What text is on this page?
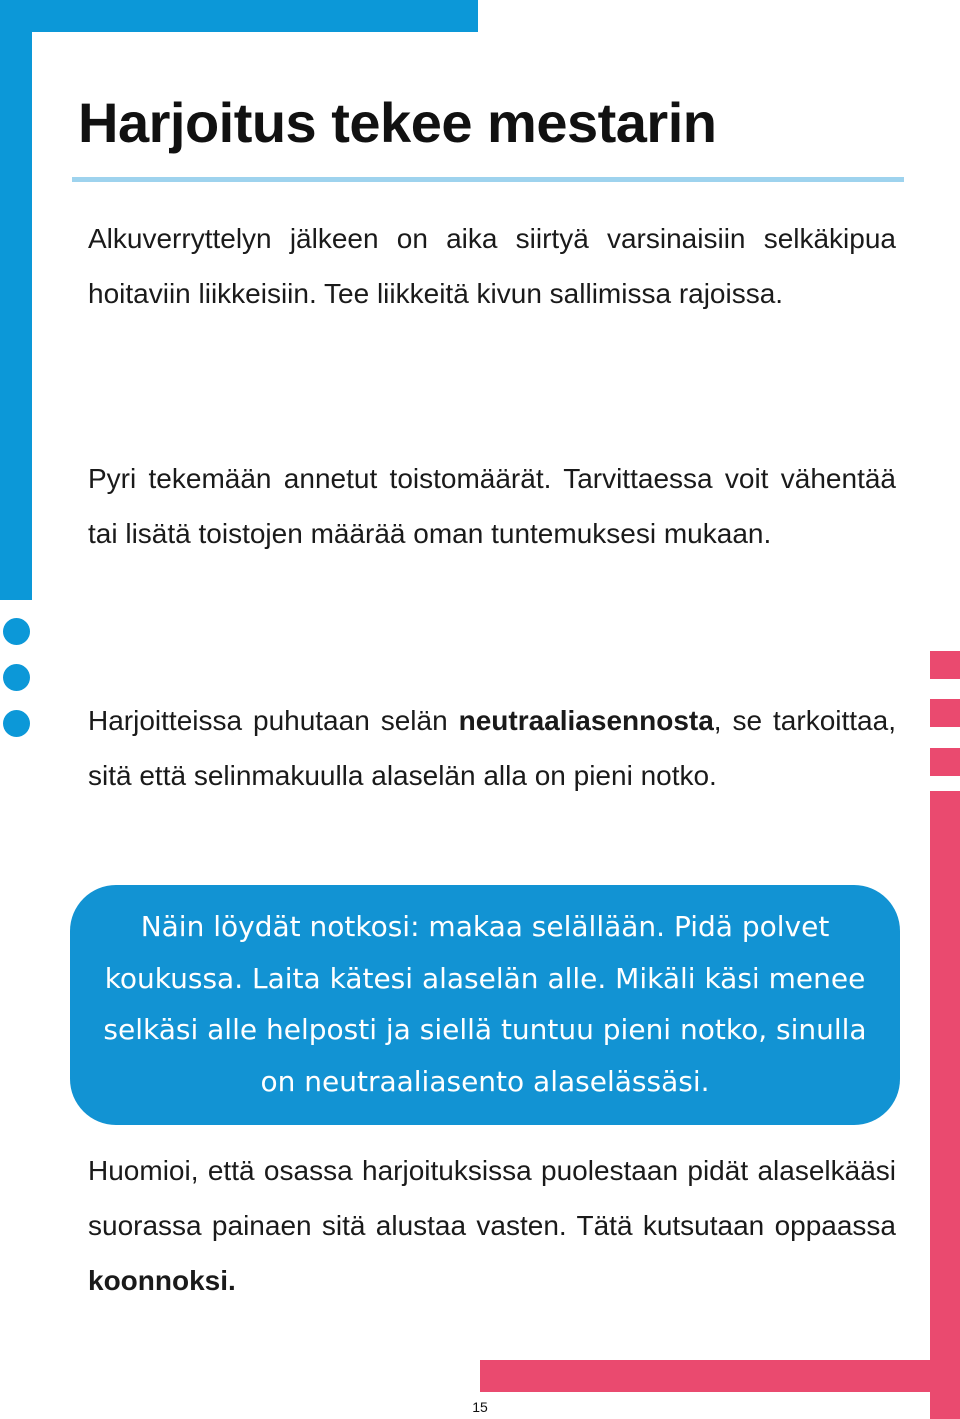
Harjoitus tekee mestarin

Alkuverryttelyn jälkeen on aika siirtyä varsinaisiin selkäkipua hoitaviin liikkeisiin. Tee liikkeitä kivun sallimissa rajoissa.

Pyri tekemään annetut toistomäärät. Tarvittaessa voit vähentää tai lisätä toistojen määrää oman tuntemuksesi mukaan.

Harjoitteissa puhutaan selän neutraaliasennosta, se tarkoittaa, sitä että selinmakuulla alaselän alla on pieni notko.

Näin löydät notkosi: makaa selällään. Pidä polvet koukussa. Laita kätesi alaselän alle. Mikäli käsi menee selkäsi alle helposti ja siellä tuntuu pieni notko, sinulla on neutraaliasento alaselässäsi.

Huomioi, että osassa harjoituksissa puolestaan pidät alaselkääsi suorassa painaen sitä alustaa vasten. Tätä kutsutaan oppaassa koonnoksi.

15
